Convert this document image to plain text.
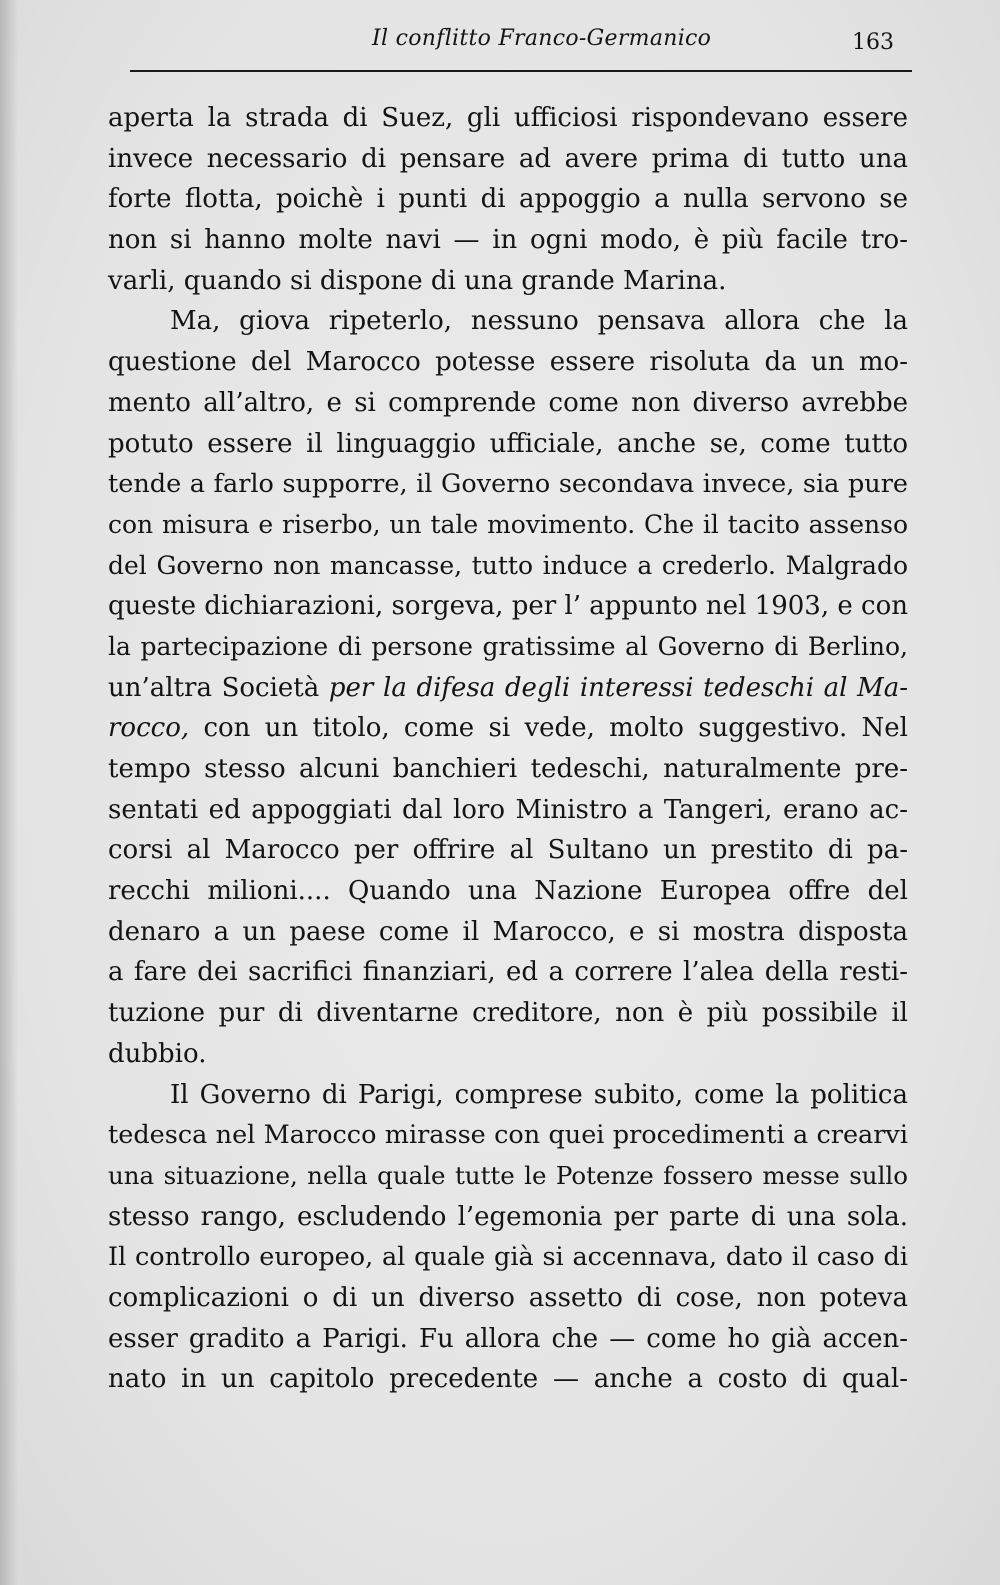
Il conflitto Franco-Germanico	163
aperta la strada di Suez, gli ufficiosi rispondevano essere
invece necessario di pensare ad avere prima di tutto una
forte flotta, poichè i punti di appoggio a nulla servono se
non si hanno molte navi — in ogni modo, è più facile tro-
varli, quando si dispone di una grande Marina.
Ma, giova ripeterlo, nessuno pensava allora che la
questione del Marocco potesse essere risoluta da un mo-
mento all’altro, e si comprende come non diverso avrebbe
potuto essere il linguaggio ufficiale, anche se, come tutto
tende a farlo supporre, il Governo secondava invece, sia pure
con misura e riserbo, un tale movimento. Che il tacito assenso
del Governo non mancasse, tutto induce a crederlo. Malgrado
queste dichiarazioni, sorgeva, per l’ appunto nel 1903, e con
la partecipazione di persone gratissime al Governo di Berlino,
un’altra Società per la difesa degli interessi tedeschi al Ma-
rocco, con un titolo, come si vede, molto suggestivo. Nel
tempo stesso alcuni banchieri tedeschi, naturalmente pre-
sentati ed appoggiati dal loro Ministro a Tangeri, erano ac-
corsi al Marocco per offrire al Sultano un prestito di pa-
recchi milioni.... Quando una Nazione Europea offre del
denaro a un paese come il Marocco, e si mostra disposta
a fare dei sacrifici finanziari, ed a correre l’alea della resti-
tuzione pur di diventarne creditore, non è più possibile il
dubbio.
Il Governo di Parigi, comprese subito, come la politica
tedesca nel Marocco mirasse con quei procedimenti a crearvi
una situazione, nella quale tutte le Potenze fossero messe sullo
stesso rango, escludendo l’egemonia per parte di una sola.
Il controllo europeo, al quale già si accennava, dato il caso di
complicazioni o di un diverso assetto di cose, non poteva
esser gradito a Parigi. Fu allora che — come ho già accen-
nato in un capitolo precedente — anche a costo di qual-
